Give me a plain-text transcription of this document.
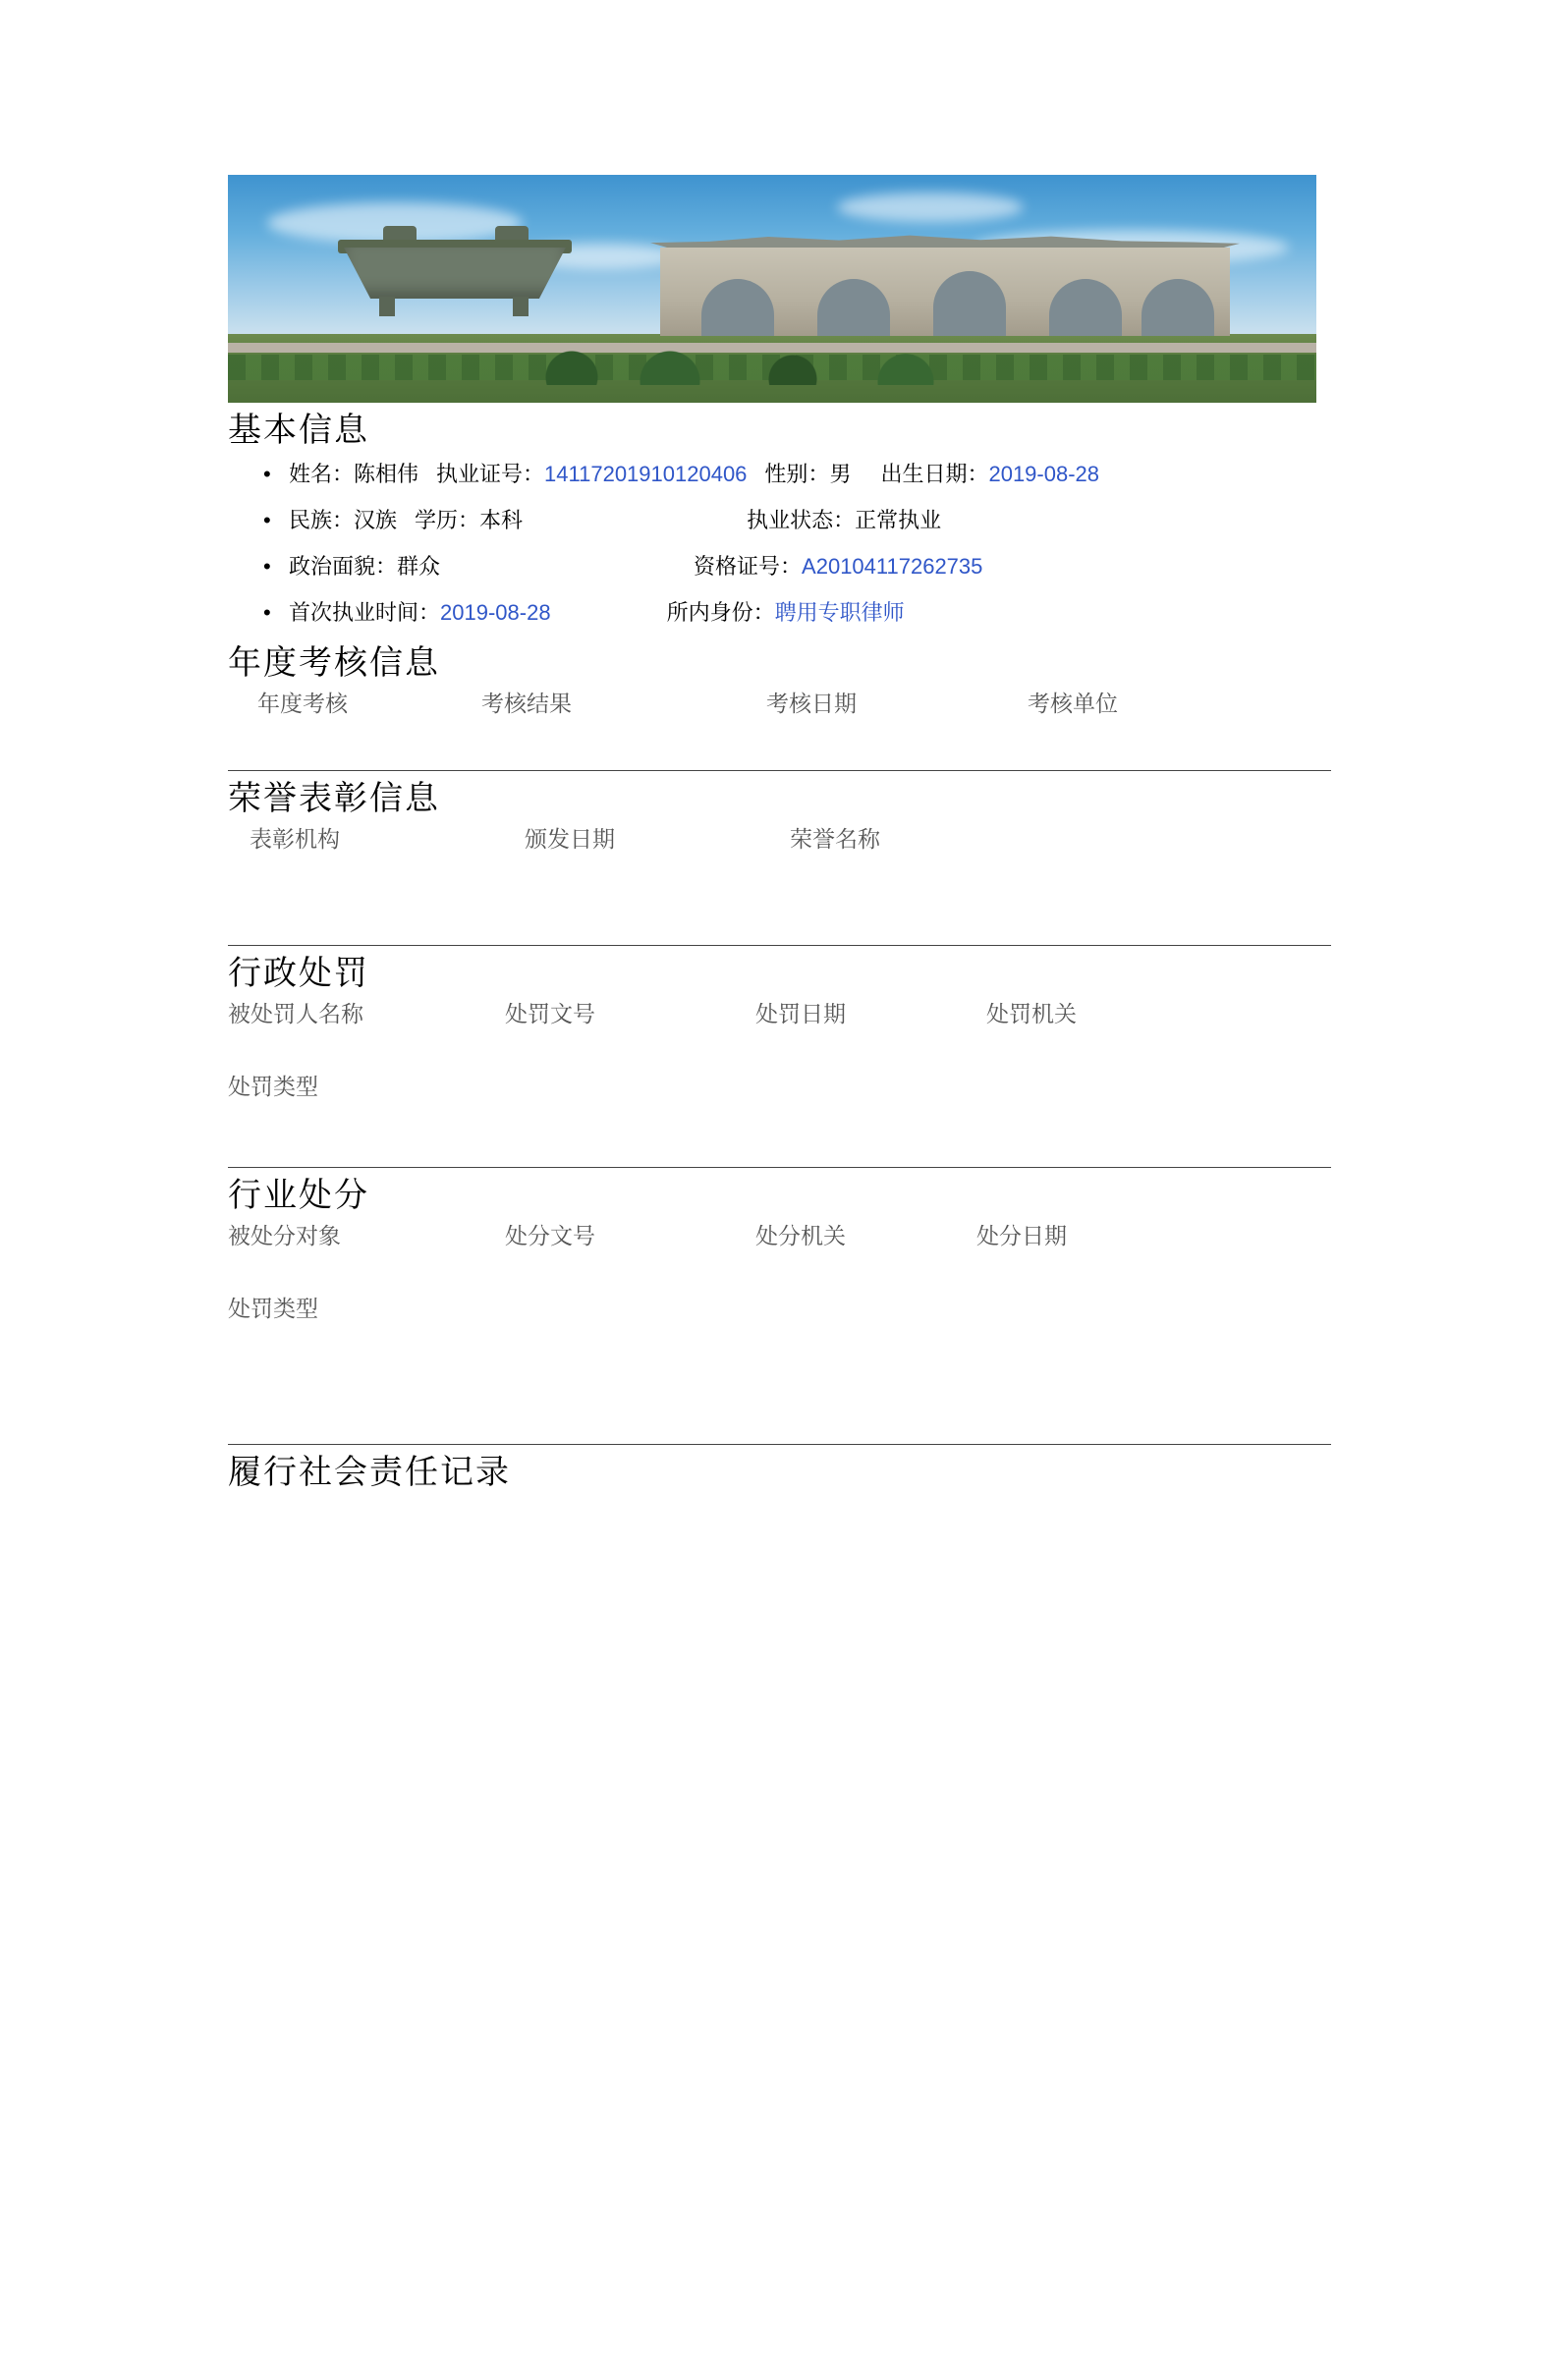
基本信息
• 姓名：陈相伟 执业证号：14117201910120406 性别：男 出生日期：2019-08-28
• 民族：汉族 学历：本科	执业状态：正常执业
• 政治面貌：群众	资格证号：A20104117262735
• 首次执业时间：2019-08-28	所内身份：聘用专职律师
年度考核信息
年度考核	考核结果	考核日期	考核单位
荣誉表彰信息
表彰机构	颁发日期	荣誉名称
行政处罚
被处罚人名称	处罚文号	处罚日期	处罚机关
处罚类型
行业处分
被处分对象	处分文号	处分机关	处分日期
处罚类型
履行社会责任记录
